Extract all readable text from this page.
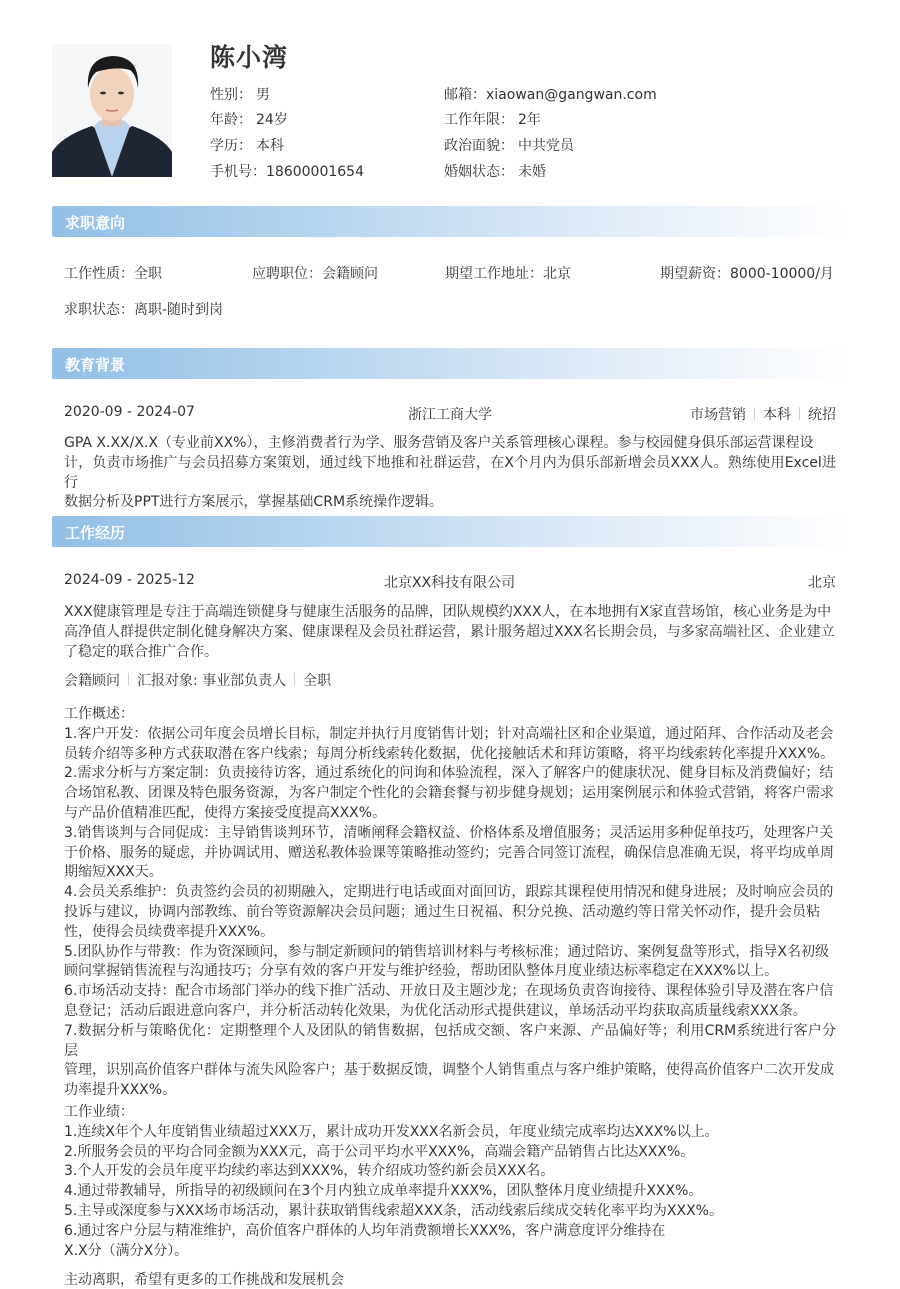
陈小湾
性别： 男
年龄： 24岁
学历： 本科
手机号：18600001654
邮箱：xiaowan@gangwan.com
工作年限： 2年
政治面貌： 中共党员
婚姻状态： 未婚
求职意向
工作性质：全职	应聘职位：会籍顾问	期望工作地址：北京	期望薪资：8000-10000/月
求职状态：离职-随时到岗
教育背景
2020-09 - 2024-07	浙江工商大学	市场营销 本科 统招
GPA X.XX/X.X（专业前XX%），主修消费者行为学、服务营销及客户关系管理核心课程。参与校园健身俱乐部运营课程设
计，负责市场推广与会员招募方案策划，通过线下地推和社群运营，在X个月内为俱乐部新增会员XXX人。熟练使用Excel进行
数据分析及PPT进行方案展示，掌握基础CRM系统操作逻辑。
工作经历
2024-09 - 2025-12	北京XX科技有限公司	北京
XXX健康管理是专注于高端连锁健身与健康生活服务的品牌，团队规模约XXX人，在本地拥有X家直营场馆，核心业务是为中
高净值人群提供定制化健身解决方案、健康课程及会员社群运营，累计服务超过XXX名长期会员，与多家高端社区、企业建立
了稳定的联合推广合作。
会籍顾问 汇报对象: 事业部负责人 全职
工作概述：
1.客户开发：依据公司年度会员增长目标，制定并执行月度销售计划；针对高端社区和企业渠道，通过陌拜、合作活动及老会
员转介绍等多种方式获取潜在客户线索；每周分析线索转化数据，优化接触话术和拜访策略，将平均线索转化率提升XXX%。
2.需求分析与方案定制：负责接待访客，通过系统化的问询和体验流程，深入了解客户的健康状况、健身目标及消费偏好；结
合场馆私教、团课及特色服务资源，为客户制定个性化的会籍套餐与初步健身规划；运用案例展示和体验式营销，将客户需求
与产品价值精准匹配，使得方案接受度提高XXX%。
3.销售谈判与合同促成：主导销售谈判环节，清晰阐释会籍权益、价格体系及增值服务；灵活运用多种促单技巧，处理客户关
于价格、服务的疑虑，并协调试用、赠送私教体验课等策略推动签约；完善合同签订流程，确保信息准确无误，将平均成单周
期缩短XXX天。
4.会员关系维护：负责签约会员的初期融入，定期进行电话或面对面回访，跟踪其课程使用情况和健身进展；及时响应会员的
投诉与建议，协调内部教练、前台等资源解决会员问题；通过生日祝福、积分兑换、活动邀约等日常关怀动作，提升会员粘
性，使得会员续费率提升XXX%。
5.团队协作与带教：作为资深顾问，参与制定新顾问的销售培训材料与考核标准；通过陪访、案例复盘等形式，指导X名初级
顾问掌握销售流程与沟通技巧；分享有效的客户开发与维护经验，帮助团队整体月度业绩达标率稳定在XXX%以上。
6.市场活动支持：配合市场部门举办的线下推广活动、开放日及主题沙龙；在现场负责咨询接待、课程体验引导及潜在客户信
息登记；活动后跟进意向客户，并分析活动转化效果，为优化活动形式提供建议，单场活动平均获取高质量线索XXX条。
7.数据分析与策略优化：定期整理个人及团队的销售数据，包括成交额、客户来源、产品偏好等；利用CRM系统进行客户分层
管理，识别高价值客户群体与流失风险客户；基于数据反馈，调整个人销售重点与客户维护策略，使得高价值客户二次开发成
功率提升XXX%。
工作业绩：
1.连续X年个人年度销售业绩超过XXX万，累计成功开发XXX名新会员，年度业绩完成率均达XXX%以上。
2.所服务会员的平均合同金额为XXX元，高于公司平均水平XXX%，高端会籍产品销售占比达XXX%。
3.个人开发的会员年度平均续约率达到XXX%，转介绍成功签约新会员XXX名。
4.通过带教辅导，所指导的初级顾问在3个月内独立成单率提升XXX%，团队整体月度业绩提升XXX%。
5.主导或深度参与XXX场市场活动，累计获取销售线索超XXX条，活动线索后续成交转化率平均为XXX%。
6.通过客户分层与精准维护，高价值客户群体的人均年消费额增长XXX%，客户满意度评分维持在
X.X分（满分X分）。
主动离职，希望有更多的工作挑战和发展机会
